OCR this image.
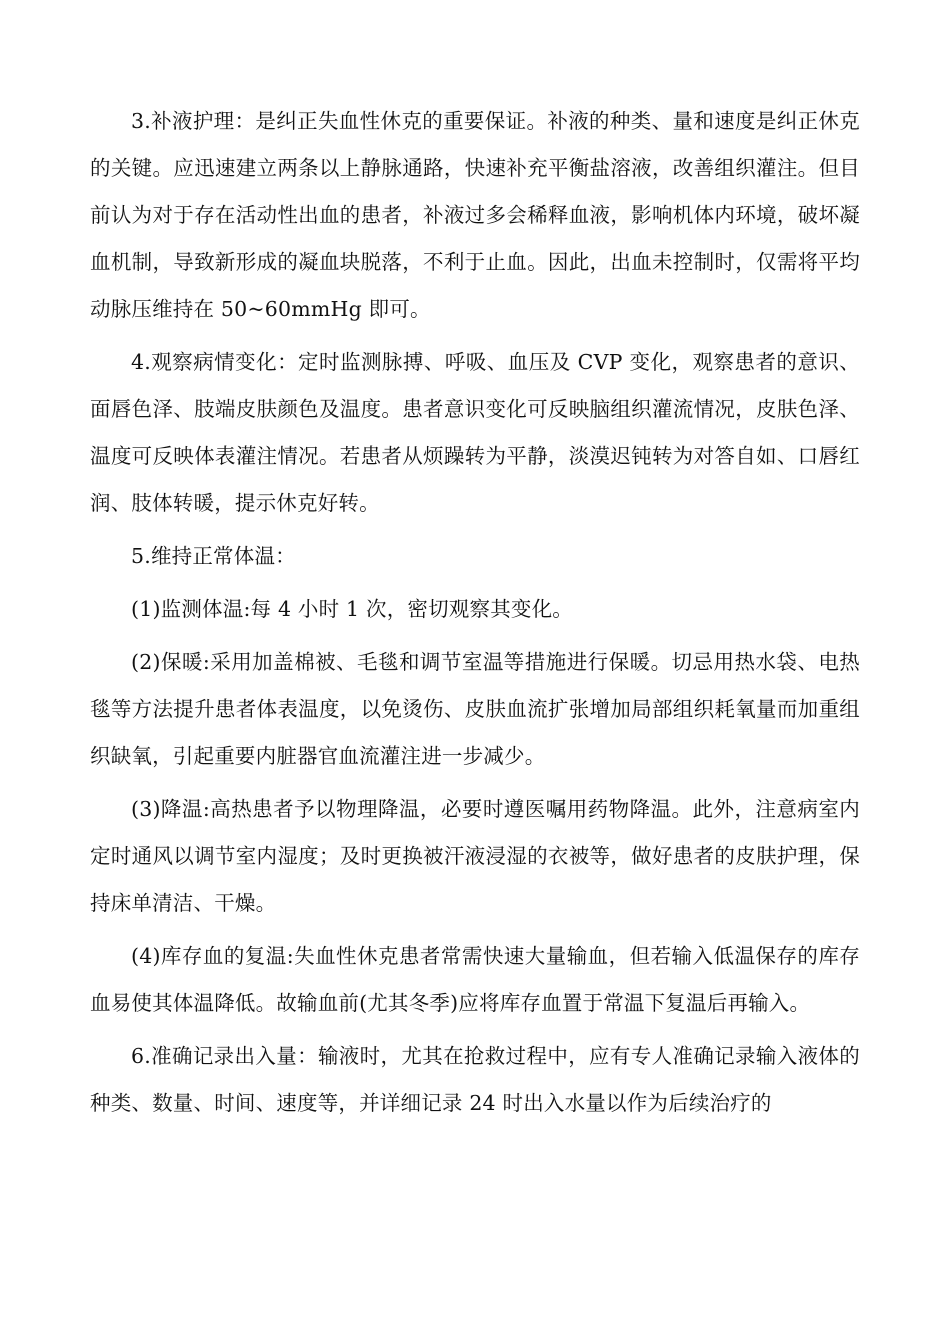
3.补液护理：是纠正失血性休克的重要保证。补液的种类、量和速度是纠正休克的关键。应迅速建立两条以上静脉通路，快速补充平衡盐溶液，改善组织灌注。但目前认为对于存在活动性出血的患者，补液过多会稀释血液，影响机体内环境，破坏凝血机制，导致新形成的凝血块脱落，不利于止血。因此，出血未控制时，仅需将平均动脉压维持在 50~60mmHg 即可。

4.观察病情变化：定时监测脉搏、呼吸、血压及 CVP 变化，观察患者的意识、面唇色泽、肢端皮肤颜色及温度。患者意识变化可反映脑组织灌流情况，皮肤色泽、温度可反映体表灌注情况。若患者从烦躁转为平静，淡漠迟钝转为对答自如、口唇红润、肢体转暖，提示休克好转。

5.维持正常体温：

(1)监测体温:每 4 小时 1 次，密切观察其变化。

(2)保暖:采用加盖棉被、毛毯和调节室温等措施进行保暖。切忌用热水袋、电热毯等方法提升患者体表温度，以免烫伤、皮肤血流扩张增加局部组织耗氧量而加重组织缺氧，引起重要内脏器官血流灌注进一步减少。

(3)降温:高热患者予以物理降温，必要时遵医嘱用药物降温。此外，注意病室内定时通风以调节室内湿度；及时更换被汗液浸湿的衣被等，做好患者的皮肤护理，保持床单清洁、干燥。

(4)库存血的复温:失血性休克患者常需快速大量输血，但若输入低温保存的库存血易使其体温降低。故输血前(尤其冬季)应将库存血置于常温下复温后再输入。

6.准确记录出入量：输液时，尤其在抢救过程中，应有专人准确记录输入液体的种类、数量、时间、速度等，并详细记录 24 时出入水量以作为后续治疗的
